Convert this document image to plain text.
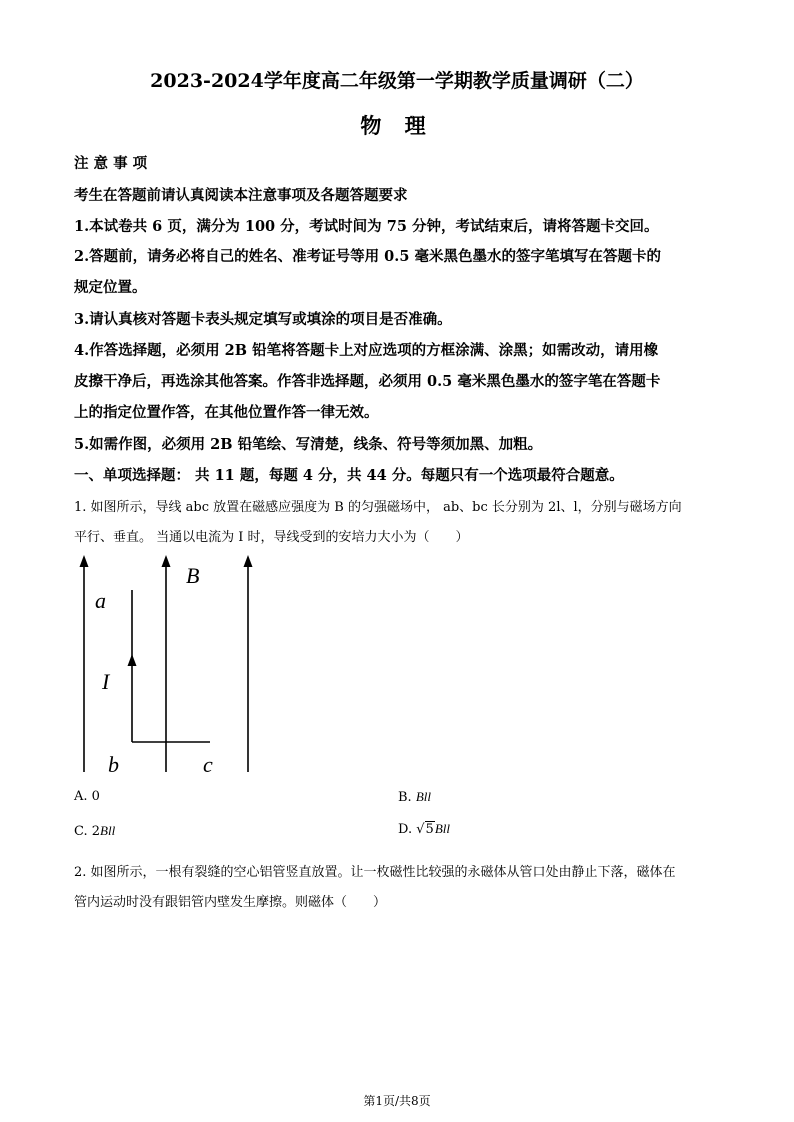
2023-2024学年度高二年级第一学期教学质量调研（二）
物 理
注 意 事 项
考生在答题前请认真阅读本注意事项及各题答题要求
1.本试卷共 6 页，满分为 100 分，考试时间为 75 分钟，考试结束后，请将答题卡交回。
2.答题前，请务必将自己的姓名、准考证号等用 0.5 毫米黑色墨水的签字笔填写在答题卡的
规定位置。
3.请认真核对答题卡表头规定填写或填涂的项目是否准确。
4.作答选择题，必须用 2B 铅笔将答题卡上对应选项的方框涂满、涂黑；如需改动，请用橡
皮擦干净后，再选涂其他答案。作答非选择题，必须用 0.5 毫米黑色墨水的签字笔在答题卡
上的指定位置作答，在其他位置作答一律无效。
5.如需作图，必须用 2B 铅笔绘、写清楚，线条、符号等须加黑、加粗。
一、单项选择题： 共 11 题，每题 4 分，共 44 分。每题只有一个选项最符合题意。
1. 如图所示，导线 abc 放置在磁感应强度为 B 的匀强磁场中， ab、bc 长分别为 2l、l，分别与磁场方向
平行、垂直。 当通以电流为 I 时，导线受到的安培力大小为（　　）
B
a
I
b	c
A. 0	B. Bll
C. 2Bll	D. √5Bll
2. 如图所示，一根有裂缝的空心铝管竖直放置。让一枚磁性比较强的永磁体从管口处由静止下落，磁体在
管内运动时没有跟铝管内壁发生摩擦。则磁体（　　）
第1页/共8页
